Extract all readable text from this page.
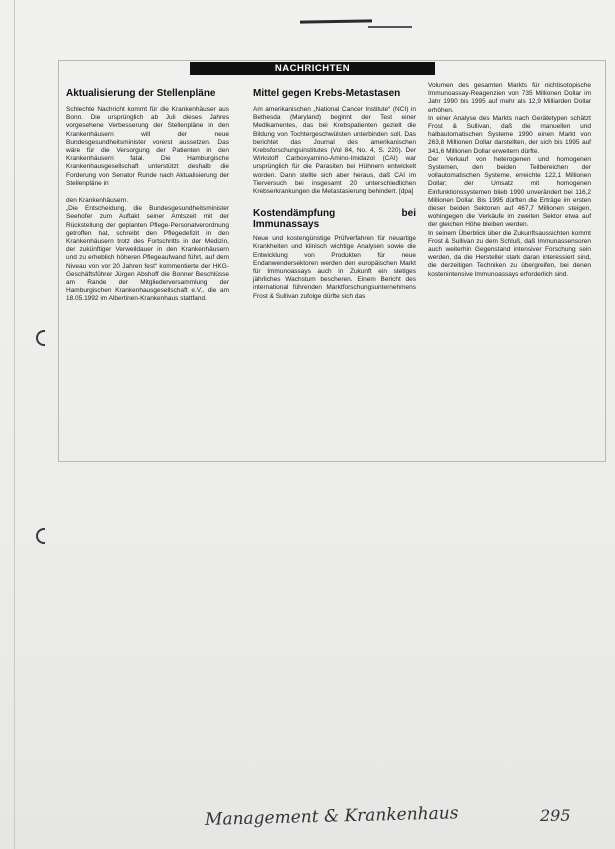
NACHRICHTEN
Aktualisierung der Stellenpläne

Schlechte Nachricht kommt für die Krankenhäuser aus Bonn. Die ursprünglich ab Juli dieses Jahres vorgesehene Verbesserung der Stellenpläne in den Krankenhäusern will der neue Bundesgesundheitsminister vorerst aussetzen. Das wäre für die Versorgung der Patienten in den Krankenhäusern fatal. Die Hamburgische Krankenhausgesellschaft unterstützt deshalb die Forderung von Senator Runde nach Aktualisierung der Stellenpläne in

den Krankenhäusern.

„Die Entscheidung, die Bundesgesundheitsminister Seehofer zum Auftakt seiner Amtszeit mit der Rückstellung der geplanten Pflege-Personalverordnung getroffen hat, schreibt den Pflegedefizit in den Krankenhäusern trotz des Fortschritts in der Medizin, der zukünftiger Verweildauer in den Krankenhäusern und zu erheblich höheren Pflegeaufwand führt, auf dem Niveau von vor 20 Jahren fest“ kommentierte der HKG-Geschäftsführer Jürgen Abshoff die Bonner Beschlüsse am Rande der Mitgliederversammlung der Hamburgischen Krankenhausgesellschaft e.V., die am 18.05.1992 im Albertinen-Krankenhaus stattfand.

Mittel gegen Krebs-Metastasen

Am amerikanischen „National Cancer Institute“ (NCI) in Bethesda (Maryland) beginnt der Test einer Medikamentes, das bei Krebspatienten gezielt die Bildung von Tochtergeschwülsten unterbinden soll. Das berichtet das Journal des amerikanischen Krebsforschungsinstitutes (Vol 84, No. 4, S. 220). Der Wirkstoff Carboxyamino-Amino-Imidazol (CAI) war ursprünglich für die Parasiten bei Hühnern entwickelt worden. Dann stellte sich aber heraus, daß CAI im Tierversuch bei insgesamt 20 unterschiedlichen Krebserkrankungen die Metastasierung behindert. [dpa]

Kostendämpfung bei Immunassays

Neue und kostengünstige Prüfverfahren für neuartige Krankheiten und klinisch wichtige Analysen sowie die Entwicklung von Produkten für neue Endanwendersektoren werden den europäischen Markt für Immunoassays auch in Zukunft ein stetiges jährliches Wachstum bescheren. Einem Bericht des international führenden Marktforschungsunternehmens Frost & Sullivan zufolge dürfte sich das

Volumen des gesamten Markts für nichtisotopische Immunoassay-Reagenzien von 735 Millionen Dollar im Jahr 1990 bis 1995 auf mehr als 12,9 Milliarden Dollar erhöhen.

In einer Analyse des Markts nach Gerätetypen schätzt Frost & Sullivan, daß die manuellen und halbautomatischen Systeme 1990 einen Markt von 263,8 Millionen Dollar darstellten, der sich bis 1995 auf 341,6 Millionen Dollar erweitern dürfte.

Der Verkauf von heterogenen und homogenen Systemen, den beiden Teilbereichen der vollautomatischen Systeme, erreichte 122,1 Millionen Dollar; der Umsatz mit homogenen Einfunktionssystemen blieb 1990 unverändert bei 116,2 Millionen Dollar. Bis 1995 dürften die Erträge im ersten dieser beiden Sektoren auf 467,7 Millionen steigen, wohingegen die Verkäufe im zweiten Sektor etwa auf der gleichen Höhe bleiben werden.

In seinem Überblick über die Zukunftsaussichten kommt Frost & Sullivan zu dem Schluß, daß Immunassensoren auch weiterhin Gegenstand intensiver Forschung sein werden, da die Hersteller stark daran interessiert sind, die derzeitigen Techniken zu übergreifen, bei denen kostenintensive Immunoassays erforderlich sind.

Management & Krankenhaus	295
